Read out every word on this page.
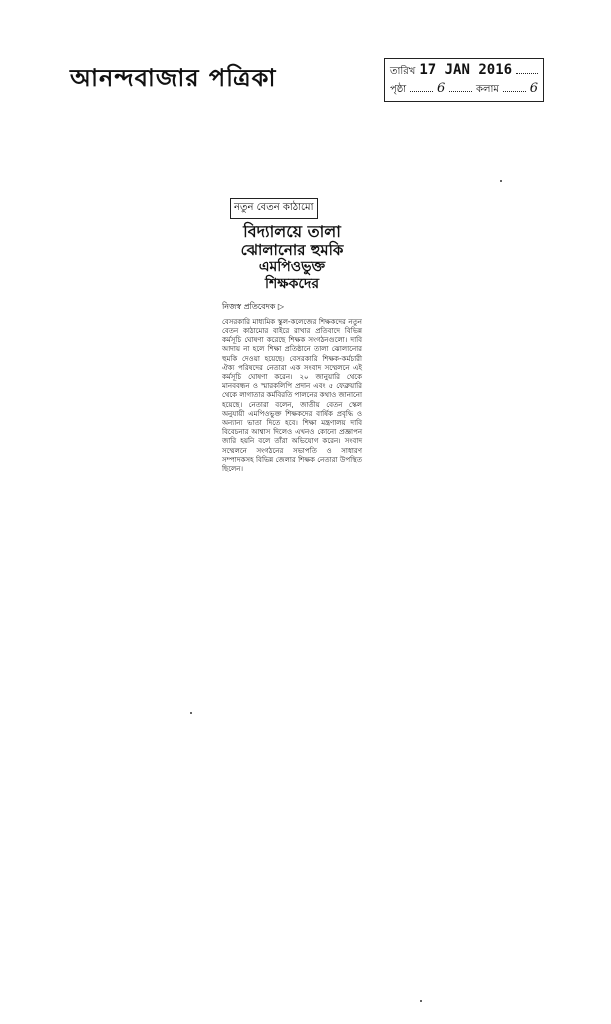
আনন্দবাজার পত্রিকা	তারিখ 17 JAN 2016
পৃষ্ঠা 6	কলাম 6
নতুন বেতন কাঠামো
বিদ্যালয়ে তালা
ঝোলানোর হুমকি
এমপিওভুক্ত
শিক্ষকদের
নিজস্ব প্রতিবেদক ▷
বেসরকারি মাধ্যমিক স্কুল-কলেজের শিক্ষকদের নতুন বেতন কাঠামোর বাইরে রাখার প্রতিবাদে বিভিন্ন কর্মসূচি ঘোষণা করেছে শিক্ষক সংগঠনগুলো। দাবি আদায় না হলে শিক্ষা প্রতিষ্ঠানে তালা ঝোলানোর হুমকি দেওয়া হয়েছে। বেসরকারি শিক্ষক-কর্মচারী ঐক্য পরিষদের নেতারা এক সংবাদ সম্মেলনে এই কর্মসূচি ঘোষণা করেন। ২০ জানুয়ারি থেকে মানববন্ধন ও স্মারকলিপি প্রদান এবং ৫ ফেব্রুয়ারি থেকে লাগাতার কর্মবিরতি পালনের কথাও জানানো হয়েছে। নেতারা বলেন, জাতীয় বেতন স্কেল অনুযায়ী এমপিওভুক্ত শিক্ষকদের বার্ষিক প্রবৃদ্ধি ও অন্যান্য ভাতা দিতে হবে। শিক্ষা মন্ত্রণালয় দাবি বিবেচনার আশ্বাস দিলেও এখনও কোনো প্রজ্ঞাপন জারি হয়নি বলে তাঁরা অভিযোগ করেন। সংবাদ সম্মেলনে সংগঠনের সভাপতি ও সাধারণ সম্পাদকসহ বিভিন্ন জেলার শিক্ষক নেতারা উপস্থিত ছিলেন।
